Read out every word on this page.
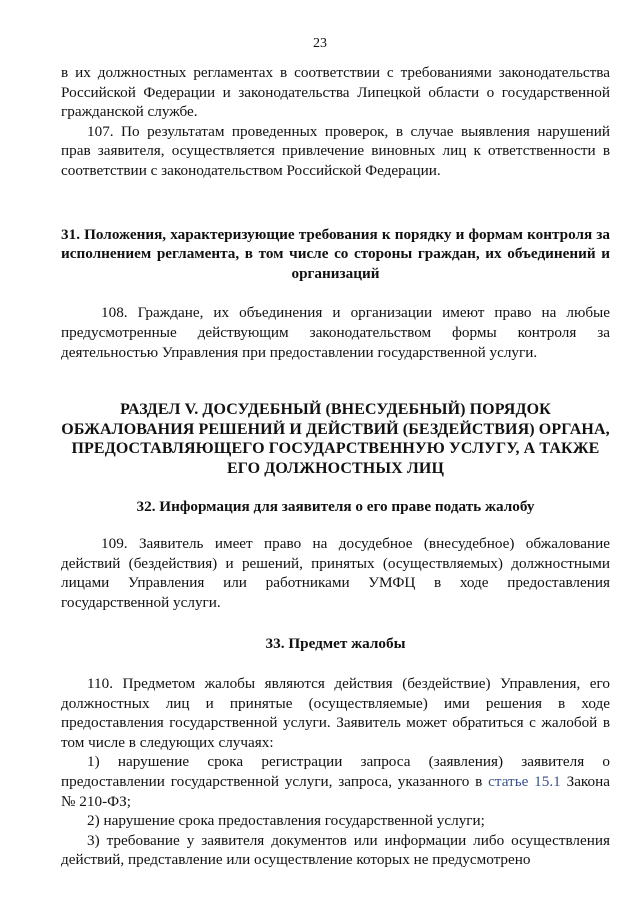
23

в их должностных регламентах в соответствии с требованиями законодательства Российской Федерации и законодательства Липецкой области о государственной гражданской службе.

107. По результатам проведенных проверок, в случае выявления нарушений прав заявителя, осуществляется привлечение виновных лиц к ответственности в соответствии с законодательством Российской Федерации.

31. Положения, характеризующие требования к порядку и формам контроля за исполнением регламента, в том числе со стороны граждан, их объединений и организаций

108. Граждане, их объединения и организации имеют право на любые предусмотренные действующим законодательством формы контроля за деятельностью Управления при предоставлении государственной услуги.

РАЗДЕЛ V. ДОСУДЕБНЫЙ (ВНЕСУДЕБНЫЙ) ПОРЯДОК ОБЖАЛОВАНИЯ РЕШЕНИЙ И ДЕЙСТВИЙ (БЕЗДЕЙСТВИЯ) ОРГАНА, ПРЕДОСТАВЛЯЮЩЕГО ГОСУДАРСТВЕННУЮ УСЛУГУ, А ТАКЖЕ ЕГО ДОЛЖНОСТНЫХ ЛИЦ

32. Информация для заявителя о его праве подать жалобу

109. Заявитель имеет право на досудебное (внесудебное) обжалование действий (бездействия) и решений, принятых (осуществляемых) должностными лицами Управления или работниками УМФЦ в ходе предоставления государственной услуги.

33. Предмет жалобы

110. Предметом жалобы являются действия (бездействие) Управления, его должностных лиц и принятые (осуществляемые) ими решения в ходе предоставления государственной услуги. Заявитель может обратиться с жалобой в том числе в следующих случаях:

1) нарушение срока регистрации запроса (заявления) заявителя о предоставлении государственной услуги, запроса, указанного в статье 15.1 Закона № 210-ФЗ;

2) нарушение срока предоставления государственной услуги;

3) требование у заявителя документов или информации либо осуществления действий, представление или осуществление которых не предусмотрено
